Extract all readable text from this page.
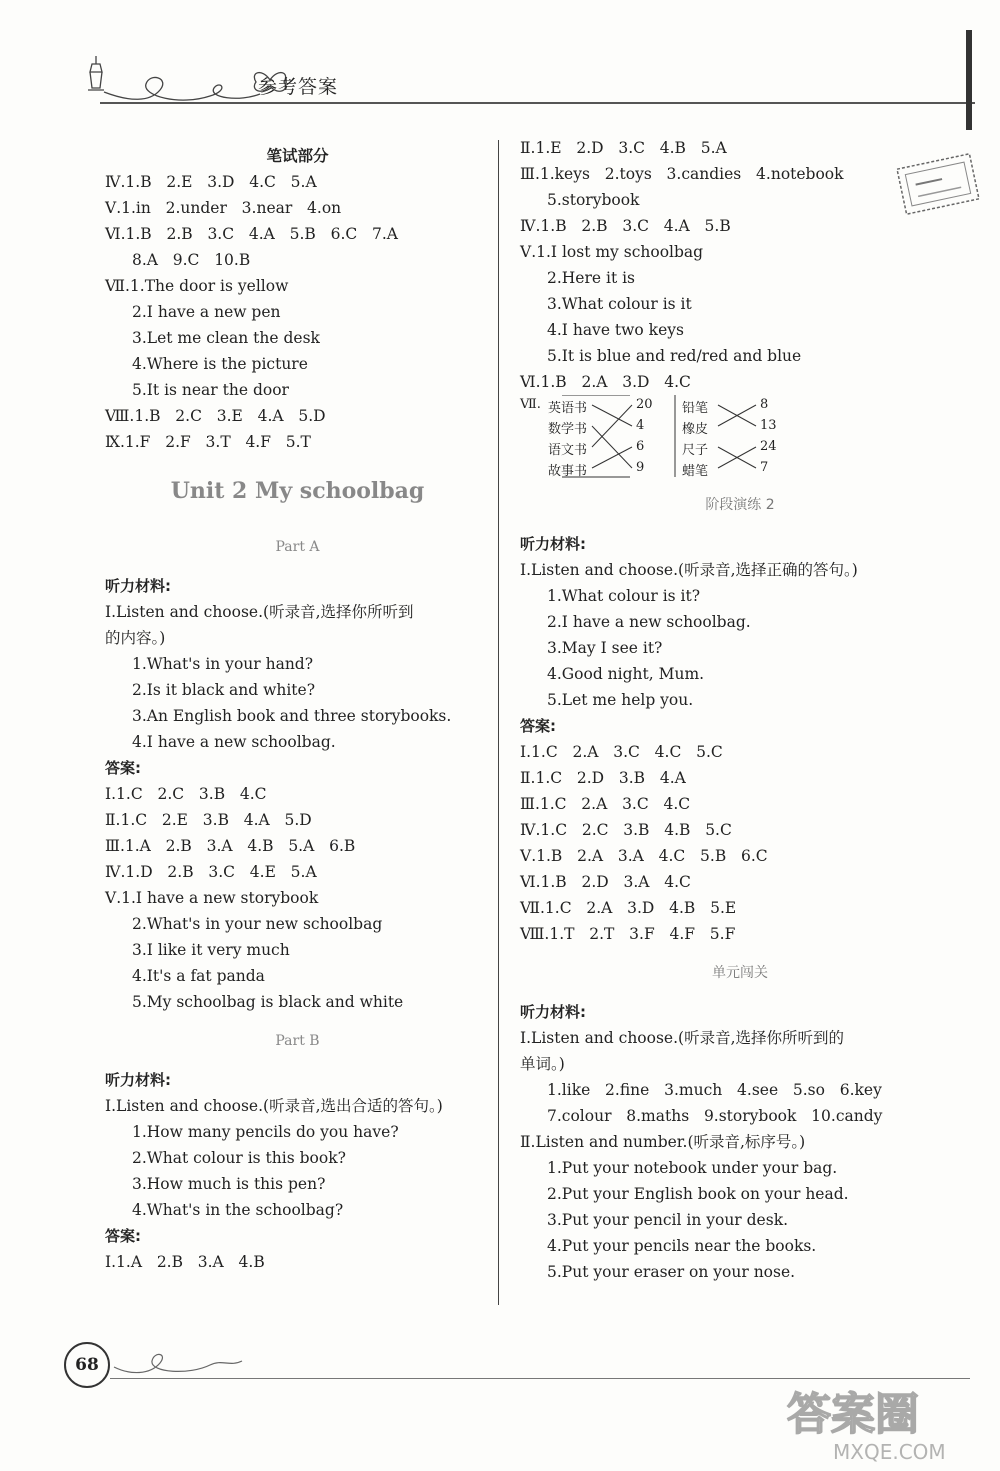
参考答案
笔试部分
Ⅳ.1.B   2.E   3.D   4.C   5.A
Ⅴ.1.in   2.under   3.near   4.on
Ⅵ.1.B   2.B   3.C   4.A   5.B   6.C   7.A
8.A   9.C   10.B
Ⅶ.1.The door is yellow
2.I have a new pen
3.Let me clean the desk
4.Where is the picture
5.It is near the door
Ⅷ.1.B   2.C   3.E   4.A   5.D
Ⅸ.1.F   2.F   3.T   4.F   5.T
Unit 2 My schoolbag
Part A
听力材料:
Ⅰ.Listen and choose.(听录音,选择你所听到
的内容。)
1.What's in your hand?
2.Is it black and white?
3.An English book and three storybooks.
4.I have a new schoolbag.
答案:
Ⅰ.1.C   2.C   3.B   4.C
Ⅱ.1.C   2.E   3.B   4.A   5.D
Ⅲ.1.A   2.B   3.A   4.B   5.A   6.B
Ⅳ.1.D   2.B   3.C   4.E   5.A
Ⅴ.1.I have a new storybook
2.What's in your new schoolbag
3.I like it very much
4.It's a fat panda
5.My schoolbag is black and white
Part B
听力材料:
Ⅰ.Listen and choose.(听录音,选出合适的答句。)
1.How many pencils do you have?
2.What colour is this book?
3.How much is this pen?
4.What's in the schoolbag?
答案:
Ⅰ.1.A   2.B   3.A   4.B
Ⅱ.1.E   2.D   3.C   4.B   5.A
Ⅲ.1.keys   2.toys   3.candies   4.notebook
5.storybook
Ⅳ.1.B   2.B   3.C   4.A   5.B
Ⅴ.1.I lost my schoolbag
2.Here it is
3.What colour is it
4.I have two keys
5.It is blue and red/red and blue
Ⅵ.1.B   2.A   3.D   4.C
Ⅶ. 英语书
数学书
语文书
故事书
20
4
6
9
铅笔
橡皮
尺子
蜡笔
8
13
24
7
阶段演练 2
听力材料:
Ⅰ.Listen and choose.(听录音,选择正确的答句。)
1.What colour is it?
2.I have a new schoolbag.
3.May I see it?
4.Good night, Mum.
5.Let me help you.
答案:
Ⅰ.1.C   2.A   3.C   4.C   5.C
Ⅱ.1.C   2.D   3.B   4.A
Ⅲ.1.C   2.A   3.C   4.C
Ⅳ.1.C   2.C   3.B   4.B   5.C
Ⅴ.1.B   2.A   3.A   4.C   5.B   6.C
Ⅵ.1.B   2.D   3.A   4.C
Ⅶ.1.C   2.A   3.D   4.B   5.E
Ⅷ.1.T   2.T   3.F   4.F   5.F
单元闯关
听力材料:
Ⅰ.Listen and choose.(听录音,选择你所听到的
单词。)
1.like   2.fine   3.much   4.see   5.so   6.key
7.colour   8.maths   9.storybook   10.candy
Ⅱ.Listen and number.(听录音,标序号。)
1.Put your notebook under your bag.
2.Put your English book on your head.
3.Put your pencil in your desk.
4.Put your pencils near the books.
5.Put your eraser on your nose.
68
答案圈
MXQE.COM
